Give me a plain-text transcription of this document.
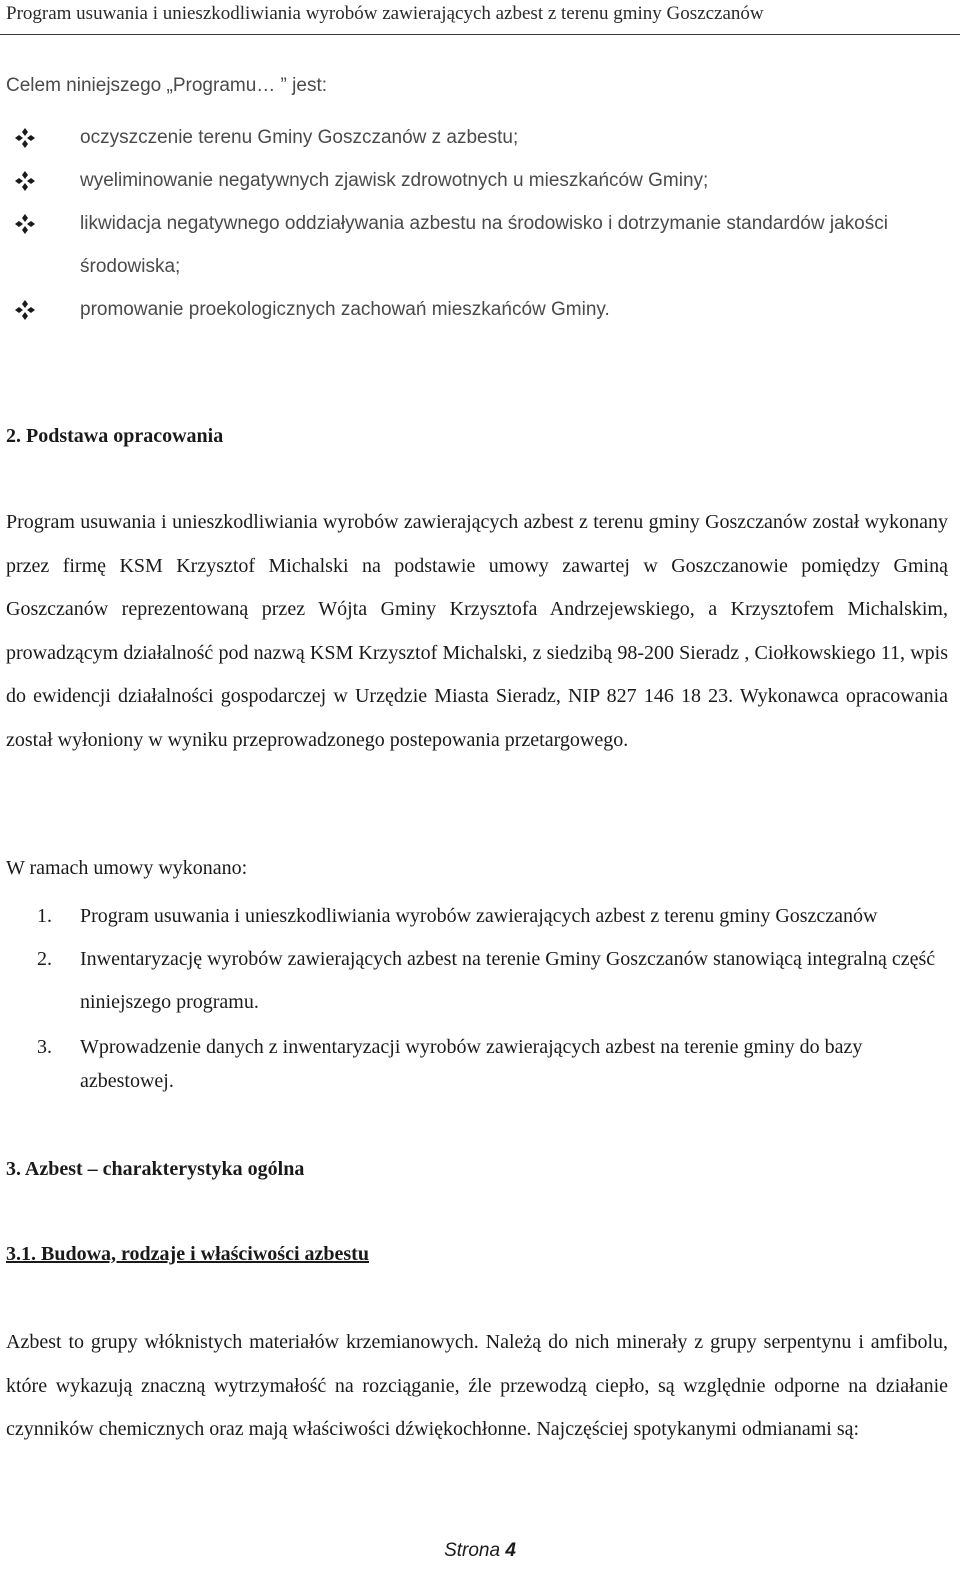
Program usuwania i unieszkodliwiania wyrobów zawierających azbest z terenu gminy Goszczanów
Celem niniejszego „Programu… ” jest:
oczyszczenie terenu Gminy Goszczanów z azbestu;
wyeliminowanie negatywnych zjawisk zdrowotnych u mieszkańców Gminy;
likwidacja negatywnego oddziaływania azbestu na środowisko i dotrzymanie standardów jakości środowiska;
promowanie proekologicznych zachowań mieszkańców Gminy.
2. Podstawa opracowania

Program usuwania i unieszkodliwiania wyrobów zawierających azbest z terenu gminy Goszczanów został wykonany przez firmę KSM Krzysztof Michalski na podstawie umowy zawartej w Goszczanowie pomiędzy Gminą Goszczanów reprezentowaną przez Wójta Gminy Krzysztofa Andrzejewskiego, a Krzysztofem Michalskim, prowadzącym działalność pod nazwą KSM Krzysztof Michalski, z siedzibą 98-200 Sieradz , Ciołkowskiego 11, wpis do ewidencji działalności gospodarczej w Urzędzie Miasta Sieradz, NIP 827 146 18 23. Wykonawca opracowania został wyłoniony w wyniku przeprowadzonego postepowania przetargowego.

W ramach umowy wykonano:
1. Program usuwania i unieszkodliwiania wyrobów zawierających azbest z terenu gminy Goszczanów
2. Inwentaryzację wyrobów zawierających azbest na terenie Gminy Goszczanów stanowiącą integralną część niniejszego programu.
3. Wprowadzenie danych z inwentaryzacji wyrobów zawierających azbest na terenie gminy do bazy azbestowej.
3. Azbest – charakterystyka ogólna
3.1. Budowa, rodzaje i właściwości azbestu

Azbest to grupy włóknistych materiałów krzemianowych. Należą do nich minerały z grupy serpentynu i amfibolu, które wykazują znaczną wytrzymałość na rozciąganie, źle przewodzą ciepło, są względnie odporne na działanie czynników chemicznych oraz mają właściwości dźwiękochłonne. Najczęściej spotykanymi odmianami są:

Strona 4
